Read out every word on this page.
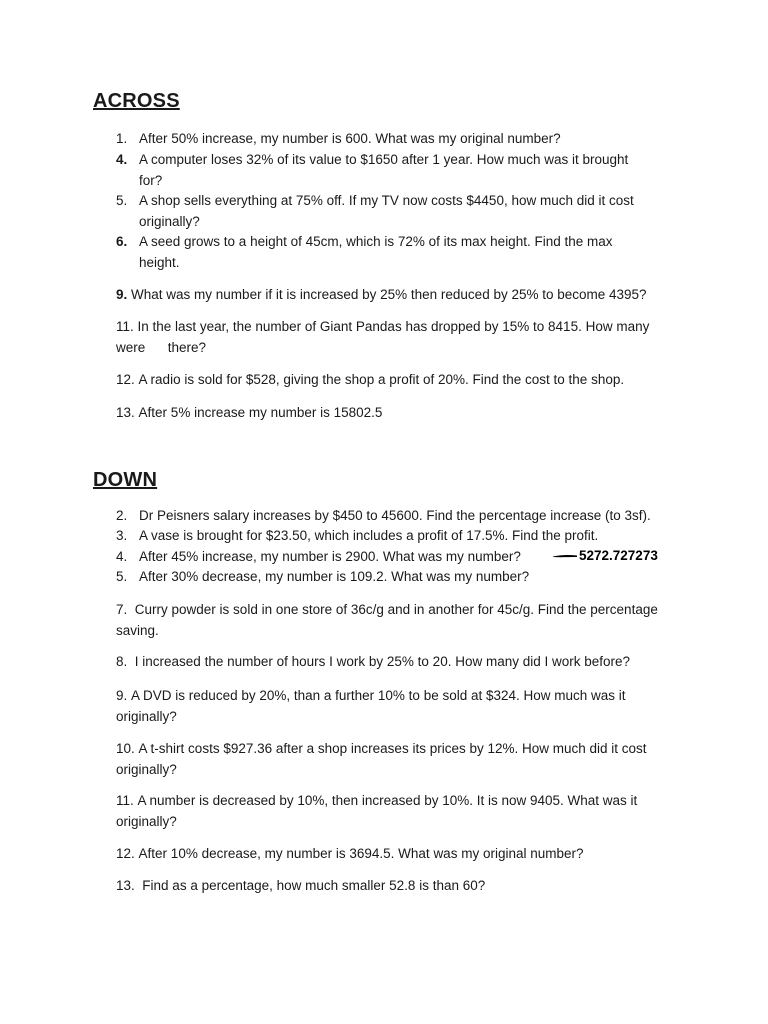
ACROSS
1. After 50% increase, my number is 600. What was my original number?
4. A computer loses 32% of its value to $1650 after 1 year. How much was it brought
for?
5. A shop sells everything at 75% off. If my TV now costs $4450, how much did it cost
originally?
6. A seed grows to a height of 45cm, which is 72% of its max height. Find the max
height.
9. What was my number if it is increased by 25% then reduced by 25% to become 4395?
11. In the last year, the number of Giant Pandas has dropped by 15% to 8415. How many were      there?
12. A radio is sold for $528, giving the shop a profit of 20%. Find the cost to the shop.
13. After 5% increase my number is 15802.5
DOWN
2. Dr Peisners salary increases by $450 to 45600. Find the percentage increase (to 3sf).
3. A vase is brought for $23.50, which includes a profit of 17.5%. Find the profit.
4. After 45% increase, my number is 2900. What was my number?	5272.727273
5. After 30% decrease, my number is 109.2. What was my number?
7. Curry powder is sold in one store of 36c/g and in another for 45c/g. Find the percentage saving.
8. I increased the number of hours I work by 25% to 20. How many did I work before?
9. A DVD is reduced by 20%, than a further 10% to be sold at $324. How much was it originally?
10. A t-shirt costs $927.36 after a shop increases its prices by 12%. How much did it cost originally?
11. A number is decreased by 10%, then increased by 10%. It is now 9405. What was it originally?
12. After 10% decrease, my number is 3694.5. What was my original number?
13. Find as a percentage, how much smaller 52.8 is than 60?
